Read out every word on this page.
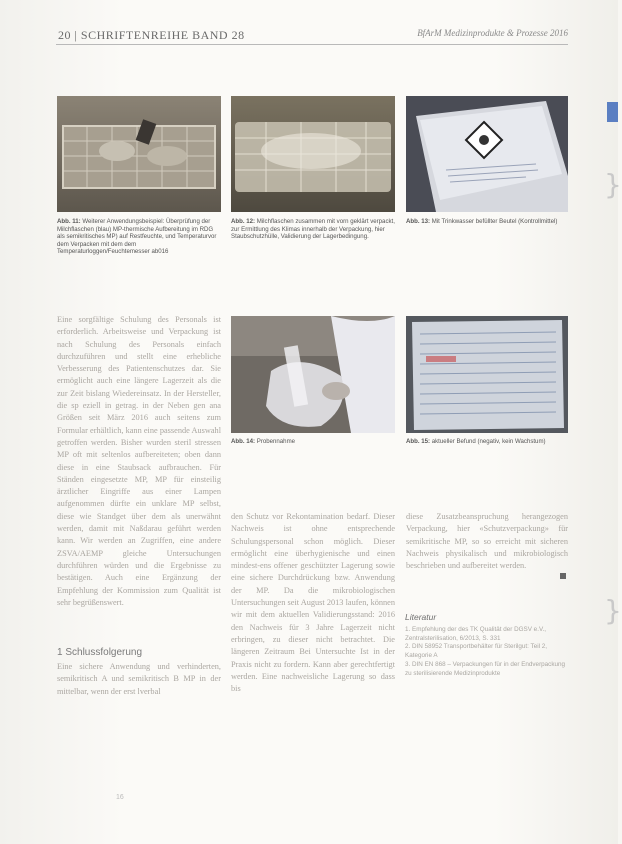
20 | SCHRIFTENREIHE BAND 28	BfArM Medizinprodukte & Prozesse 2016
}
}
Abb. 11: Weiterer Anwendungsbeispiel: Überprüfung der Milchflaschen (blau) MP-thermische Aufbereitung im RDG als semikritisches MP) auf Restfeuchte, und Temperaturvor dem Verpacken mit dem dem Temperaturloggen/Feuchtemesser ab016
Abb. 12: Milchflaschen zusammen mit vorn geklärt verpackt, zur Ermittlung des Klimas innerhalb der Verpackung, hier Staubschutzhülle, Validierung der Lagerbedingung.
Abb. 13: Mit Trinkwasser befüllter Beutel (Kontrollmittel)
Abb. 14: Probennahme	Abb. 15: aktueller Befund (negativ, kein Wachstum)

Eine sorgfältige Schulung des Personals ist erforderlich. Arbeitsweise und Verpackung ist nach Schulung des Personals einfach durchzuführen und stellt eine erhebliche Verbesserung des Patientenschutzes dar. Sie ermöglicht auch eine längere Lagerzeit als die zur Zeit bislang Wiedereinsatz. In der Hersteller, die sp eziell in getrag. in der Neben gen ana Größen seit März 2016 auch seitens zum Formular erhältlich, kann eine passende Auswahl getroffen werden. Bisher wurden steril stressen MP oft mit seltenlos aufbereiteten; oben dann diese in eine Staubsack aufbrauchen. Für Ständen eingesetzte MP, MP für einsteilig ärztlicher Eingriffe aus einer Lampen aufgenommen dürfte ein unklare MP selbst, diese wie Standget über dem als unerwähnt werden, damit mit Naßdarau geführt werden kann. Wir werden an Zugriffen, eine andere ZSVA/AEMP gleiche Untersuchungen durchführen würden und die Ergebnisse zu bestätigen. Auch eine Ergänzung der Empfehlung der Kommission zum Qualität ist sehr begrüßenswert.

1 Schlussfolgerung

Eine sichere Anwendung und verhinderten, semikritisch A und semikritisch B MP in der mittelbar, wenn der erst lverbal

den Schutz vor Rekontamination bedarf. Dieser Nachweis ist ohne entsprechende Schulungspersonal schon möglich. Dieser ermöglicht eine überhygienische und einen mindest-ens offener geschützter Lagerung sowie eine sichere Durchdrückung bzw. Anwendung der MP. Da die mikrobiologischen Untersuchungen seit August 2013 laufen, können wir mit dem aktuellen Validierungsstand: 2016 den Nachweis für 3 Jahre Lagerzeit nicht erbringen, zu dieser nicht betrachtet. Die längeren Zeitraum Bei Untersuchte Ist in der Praxis nicht zu fordern. Kann aber gerechtfertigt werden. Eine nachweisliche Lagerung so dass bis

diese Zusatzbeanspruchung herangezogen Verpackung, hier «Schutzverpackung» für semikritische MP, so so erreicht mit sicheren Nachweis physikalisch und mikrobiologisch beschrieben und aufbereitet werden.

Literatur
1. Empfehlung der des TK Qualität der DGSV e.V., Zentralsterilisation, 6/2013, S. 331
2. DIN 58952 Transportbehälter für Sterilgut: Teil 2, Kategorie A
3. DIN EN 868 – Verpackungen für in der Endverpackung zu sterilisierende Medizinprodukte
16
